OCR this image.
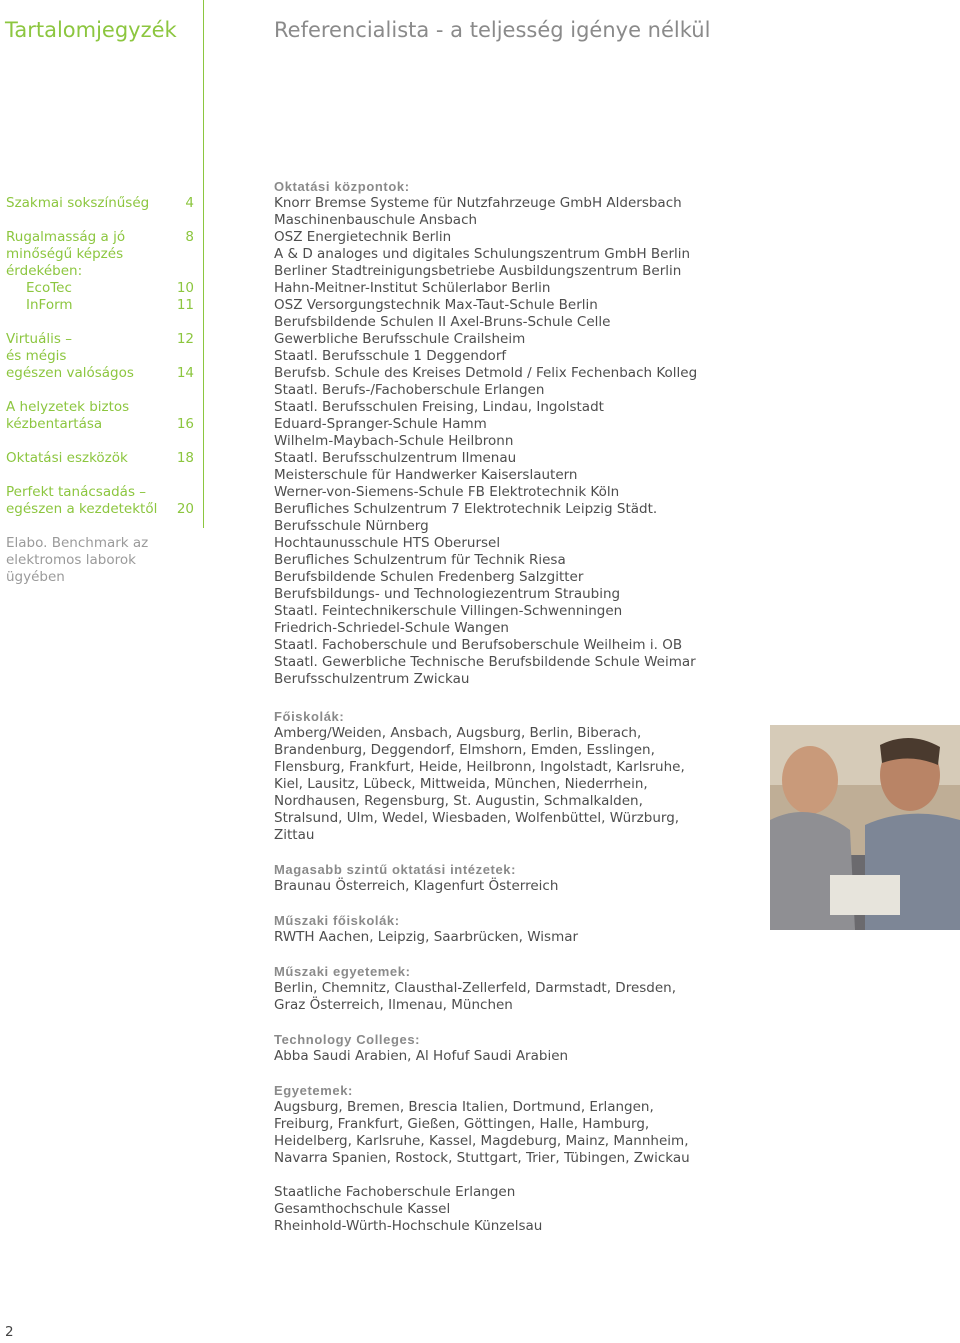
Tartalomjegyzék	Referencialista - a teljesség igénye nélkül
Szakmai sokszínűség	4
Rugalmasság a jó	8
minőségű képzés
érdekében:
EcoTec	10
InForm	11
Virtuális –	12
és mégis
egészen valóságos	14
A helyzetek biztos
kézbentartása	16
Oktatási eszközök	18
Perfekt tanácsadás –
egészen a kezdetektől 20
Elabo. Benchmark az
elektromos laborok
ügyében
Oktatási központok:
Knorr Bremse Systeme für Nutzfahrzeuge GmbH Aldersbach
Maschinenbauschule Ansbach
OSZ Energietechnik Berlin
A & D analoges und digitales Schulungszentrum GmbH Berlin
Berliner Stadtreinigungsbetriebe Ausbildungszentrum Berlin
Hahn-Meitner-Institut Schülerlabor Berlin
OSZ Versorgungstechnik Max-Taut-Schule Berlin
Berufsbildende Schulen II Axel-Bruns-Schule Celle
Gewerbliche Berufsschule Crailsheim
Staatl. Berufsschule 1 Deggendorf
Berufsb. Schule des Kreises Detmold / Felix Fechenbach Kolleg
Staatl. Berufs-/Fachoberschule Erlangen
Staatl. Berufsschulen Freising, Lindau, Ingolstadt
Eduard-Spranger-Schule Hamm
Wilhelm-Maybach-Schule Heilbronn
Staatl. Berufsschulzentrum Ilmenau
Meisterschule für Handwerker Kaiserslautern
Werner-von-Siemens-Schule FB Elektrotechnik Köln
Berufliches Schulzentrum 7 Elektrotechnik Leipzig Städt.
Berufsschule Nürnberg
Hochtaunusschule HTS Oberursel
Berufliches Schulzentrum für Technik Riesa
Berufsbildende Schulen Fredenberg Salzgitter
Berufsbildungs- und Technologiezentrum Straubing
Staatl. Feintechnikerschule Villingen-Schwenningen
Friedrich-Schriedel-Schule Wangen
Staatl. Fachoberschule und Berufsoberschule Weilheim i. OB
Staatl. Gewerbliche Technische Berufsbildende Schule Weimar
Berufsschulzentrum Zwickau
Főiskolák:
Amberg/Weiden, Ansbach, Augsburg, Berlin, Biberach,
Brandenburg, Deggendorf, Elmshorn, Emden, Esslingen,
Flensburg, Frankfurt, Heide, Heilbronn, Ingolstadt, Karlsruhe,
Kiel, Lausitz, Lübeck, Mittweida, München, Niederrhein,
Nordhausen, Regensburg, St. Augustin, Schmalkalden,
Stralsund, Ulm, Wedel, Wiesbaden, Wolfenbüttel, Würzburg,
Zittau
Magasabb szintű oktatási intézetek:
Braunau Österreich, Klagenfurt Österreich
Műszaki főiskolák:
RWTH Aachen, Leipzig, Saarbrücken, Wismar
Műszaki egyetemek:
Berlin, Chemnitz, Clausthal-Zellerfeld, Darmstadt, Dresden,
Graz Österreich, Ilmenau, München
Technology Colleges:
Abba Saudi Arabien, Al Hofuf Saudi Arabien
Egyetemek:
Augsburg, Bremen, Brescia Italien, Dortmund, Erlangen,
Freiburg, Frankfurt, Gießen, Göttingen, Halle, Hamburg,
Heidelberg, Karlsruhe, Kassel, Magdeburg, Mainz, Mannheim,
Navarra Spanien, Rostock, Stuttgart, Trier, Tübingen, Zwickau
Staatliche Fachoberschule Erlangen
Gesamthochschule Kassel
Rheinhold-Würth-Hochschule Künzelsau
2
